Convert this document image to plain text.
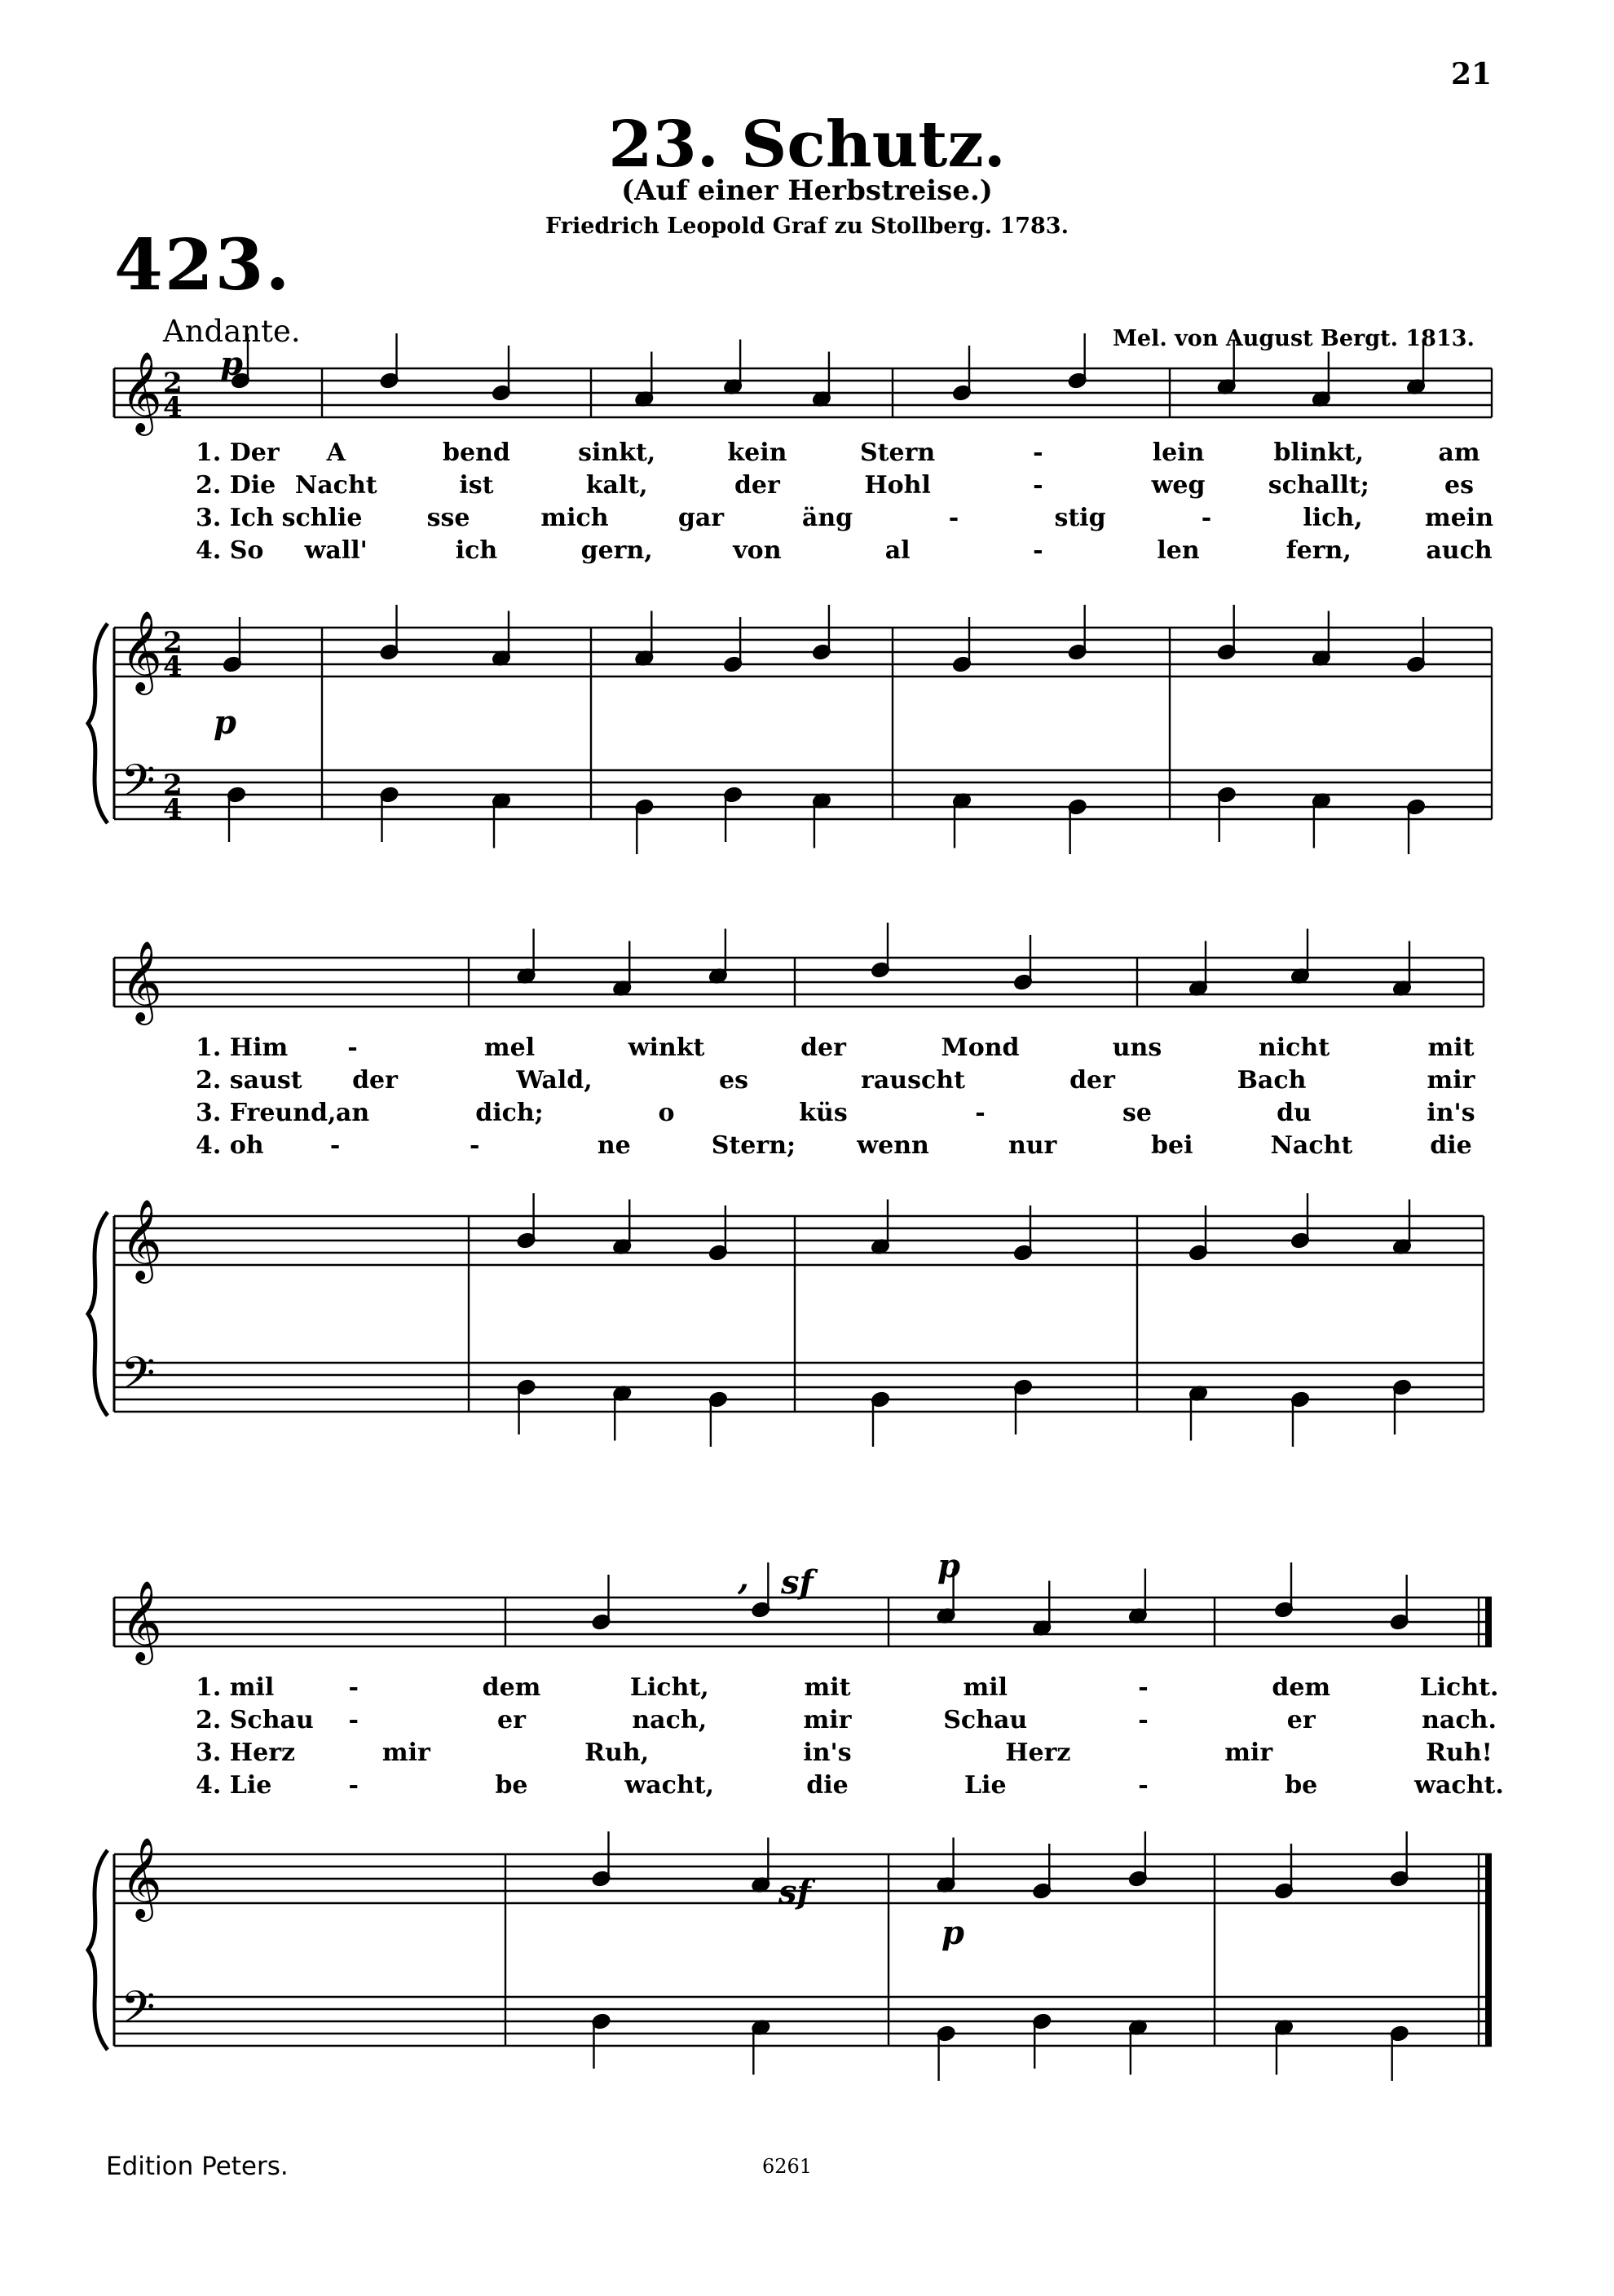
21
23. Schutz.
(Auf einer Herbstreise.)
Friedrich Leopold Graf zu Stollberg. 1783.
423.
Andante.	Mel. von August Bergt. 1813.
𝄞
𝄞
𝄢
2
4
2
4
2
4
𝄞
𝄞
𝄢
𝄞
𝄞
𝄢
p
p
sf
,	p
sf
p
1. Der A	bend	sinkt,	kein	Stern	-	lein	blinkt,	am
2. Die Nacht	ist	kalt,	der	Hohl	-	weg	schallt;	es
3. Ich schlie	sse	mich	gar	äng	-	stig	-	lich,	mein
4. So wall'	ich	gern,	von	al	-	len	fern,	auch
1. Him -	mel	winkt	der	Mond	uns	nicht	mit
2. saust der	Wald,	es	rauscht	der	Bach	mir
3. Freund, an	dich;	o	küs	-	se	du	in's
4. oh	-	-	ne	Stern;	wenn	nur	bei	Nacht	die
1. mil	-	dem	Licht,	mit	mil	-	dem	Licht.
2. Schau -	er	nach,	mir	Schau	-	er	nach.
3. Herz	mir	Ruh,	in's	Herz	mir	Ruh!
4. Lie	-	be	wacht,	die	Lie	-	be	wacht.
Edition Peters.	6261
